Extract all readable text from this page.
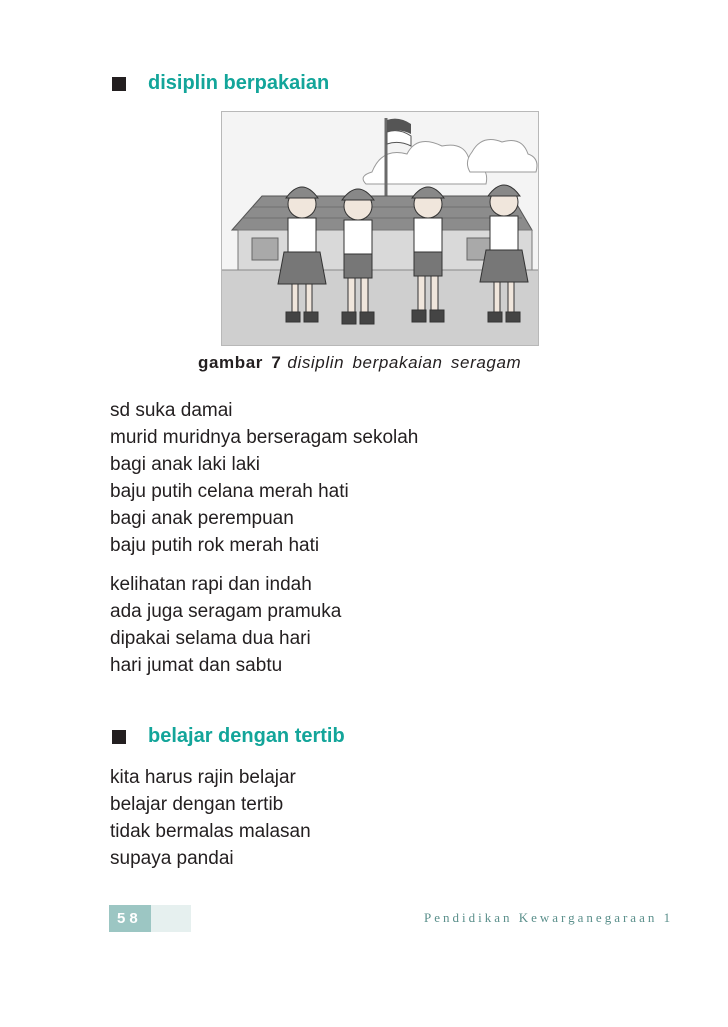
disiplin berpakaian
gambar 7 disiplin berpakaian seragam
sd suka damai
murid muridnya berseragam sekolah
bagi anak laki laki
baju putih celana merah hati
bagi anak perempuan
baju putih rok merah hati
kelihatan rapi dan indah
ada juga seragam pramuka
dipakai selama dua hari
hari jumat dan sabtu
belajar dengan tertib
kita harus rajin belajar
belajar dengan tertib
tidak bermalas malasan
supaya pandai
58	Pendidikan Kewarganegaraan 1
